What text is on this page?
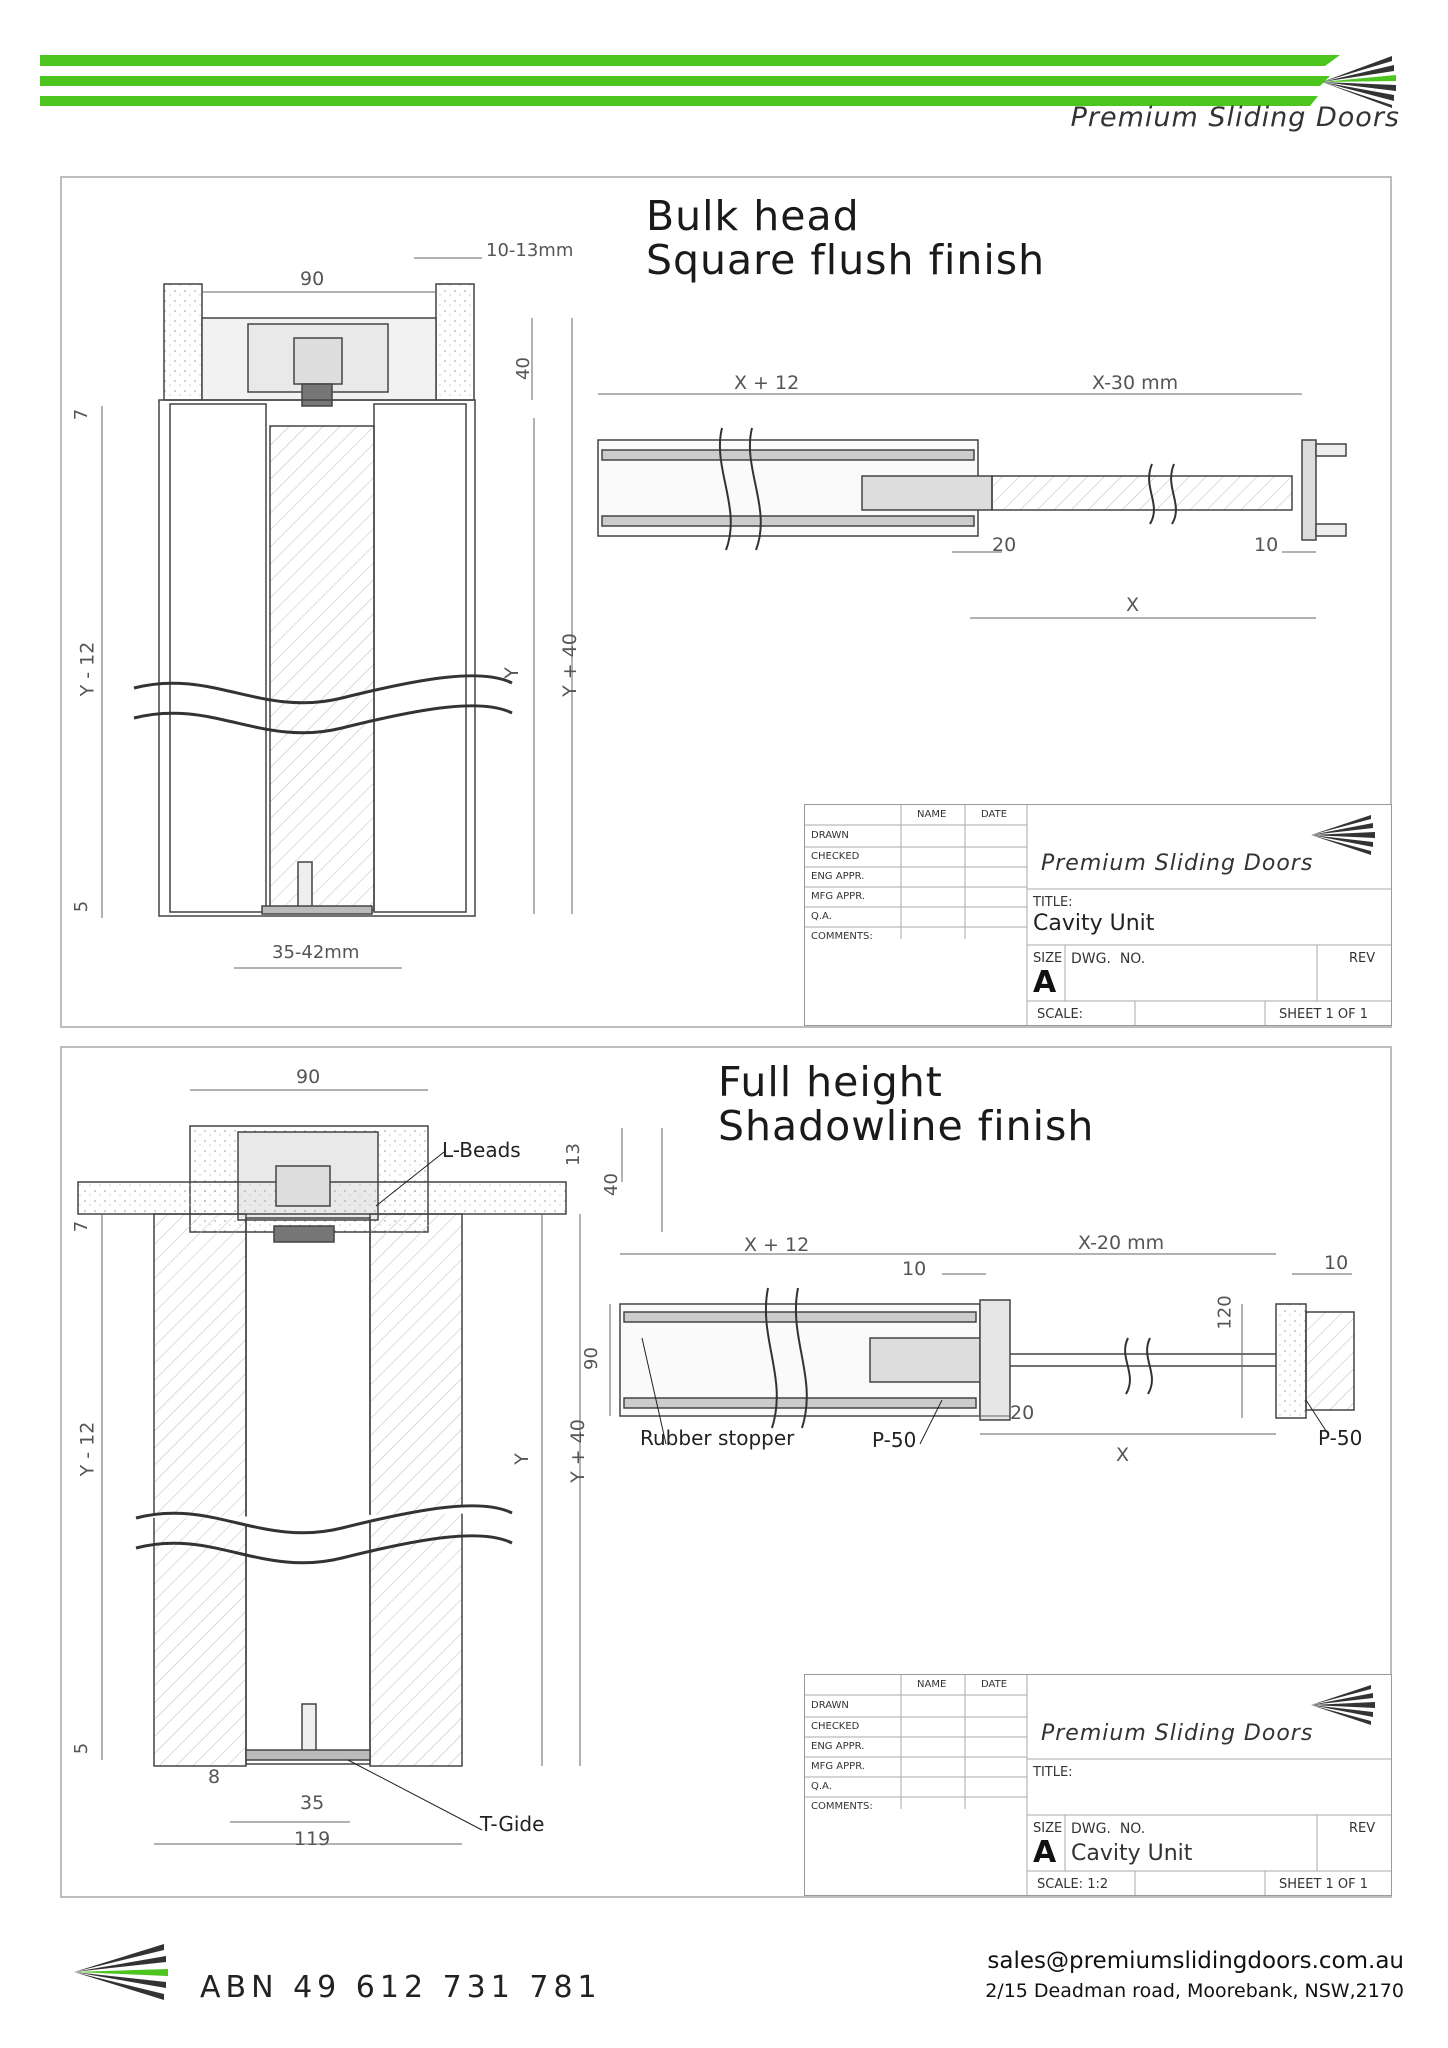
Premium Sliding Doors
Bulk head
Square flush finish
90
10-13mm
40
7
Y - 12	Y Y + 40
5
35-42mm
X + 12	X-30 mm
20	10
X
NAME	DATE
DRAWN
CHECKED
ENG APPR.
MFG APPR.
Q.A.
COMMENTS:
Premium Sliding Doors
TITLE:
Cavity Unit
SIZE
A
DWG.  NO.	REV
SCALE:	SHEET 1 OF 1
Full height
Shadowline finish
90
L-Beads 13
40
7
Y - 12	Y Y + 40
5
8
35
119
T-Gide
X + 12	X-20 mm
10	10
90
120
20
X
Rubber stopper	P-50	P-50
NAME	DATE
DRAWN
CHECKED
ENG APPR.
MFG APPR.
Q.A.
COMMENTS:
Premium Sliding Doors
TITLE:
SIZE
A
DWG.  NO.
Cavity Unit
REV
SCALE: 1:2	SHEET 1 OF 1
ABN 49 612 731 781
sales@premiumslidingdoors.com.au
2/15 Deadman road, Moorebank, NSW,2170
